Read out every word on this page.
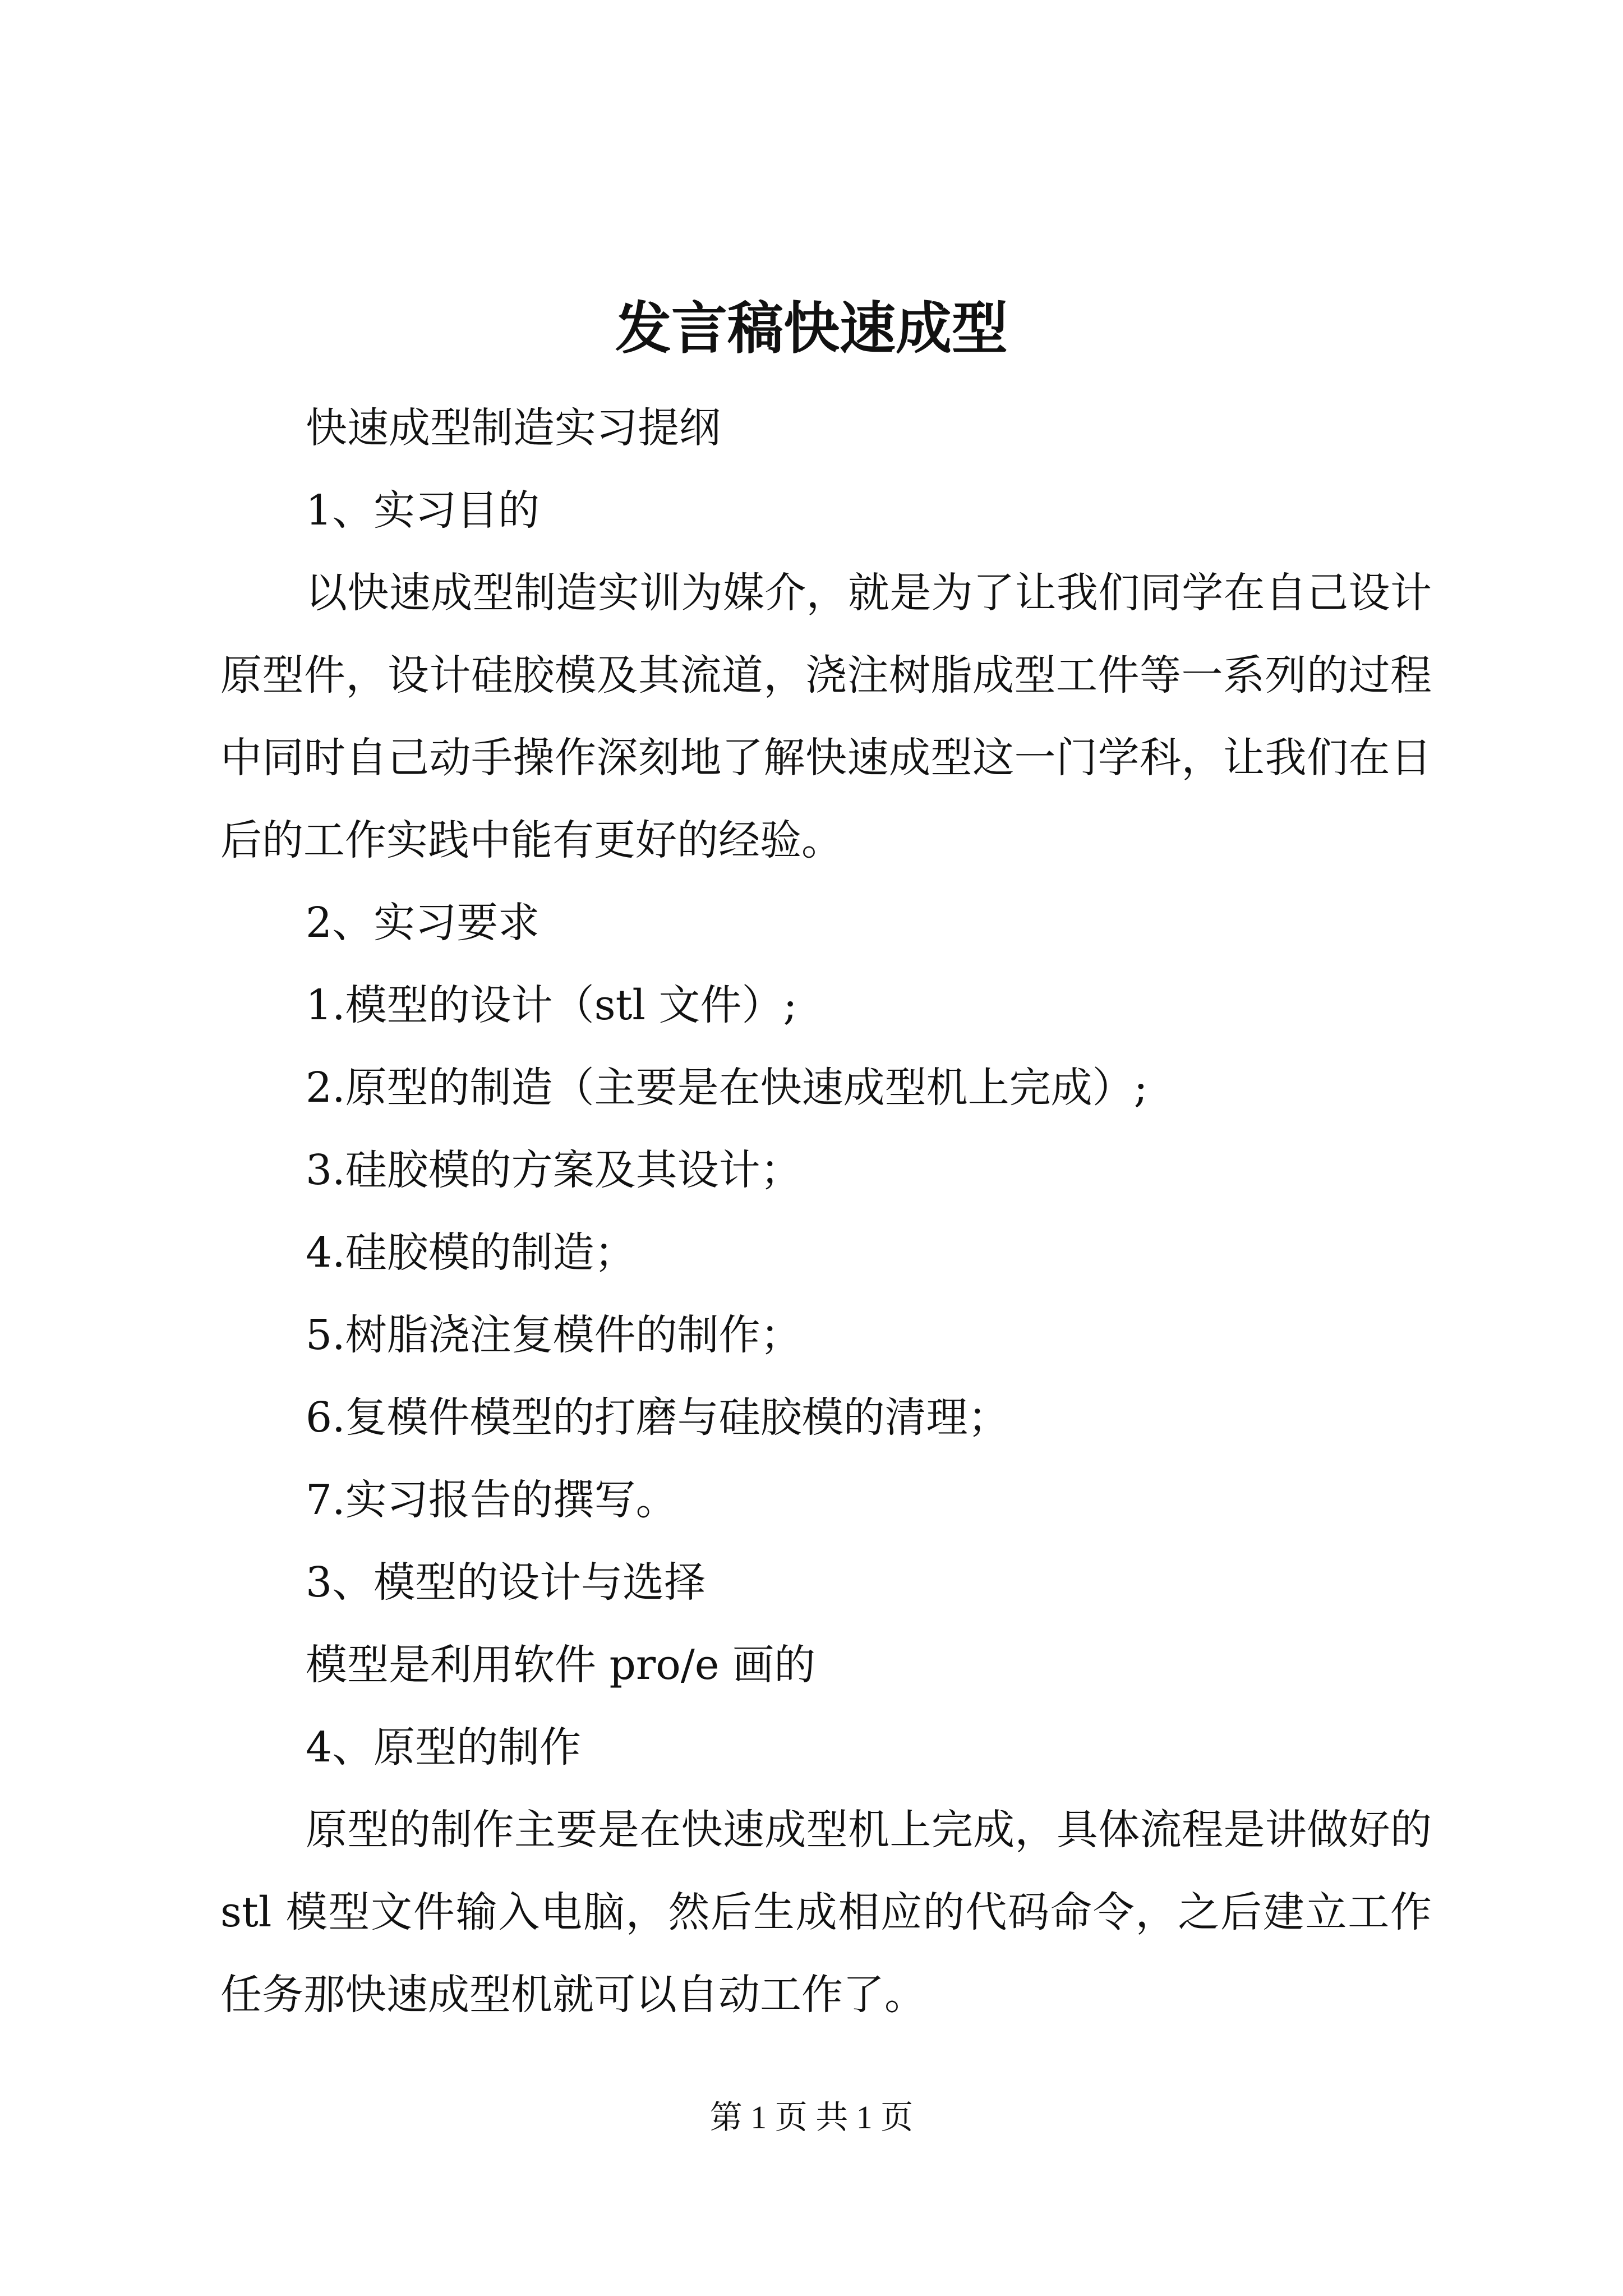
发言稿快速成型
快速成型制造实习提纲
1、实习目的
以快速成型制造实训为媒介，就是为了让我们同学在自己设计原型件，设计硅胶模及其流道，浇注树脂成型工件等一系列的过程中同时自己动手操作深刻地了解快速成型这一门学科，让我们在日后的工作实践中能有更好的经验。
2、实习要求
1.模型的设计（stl 文件）;
2.原型的制造（主要是在快速成型机上完成）;
3.硅胶模的方案及其设计；
4.硅胶模的制造；
5.树脂浇注复模件的制作；
6.复模件模型的打磨与硅胶模的清理；
7.实习报告的撰写。
3、模型的设计与选择
模型是利用软件 pro/e 画的
4、原型的制作
原型的制作主要是在快速成型机上完成，具体流程是讲做好的 stl 模型文件输入电脑，然后生成相应的代码命令，之后建立工作任务那快速成型机就可以自动工作了。
第 1 页 共 1 页
